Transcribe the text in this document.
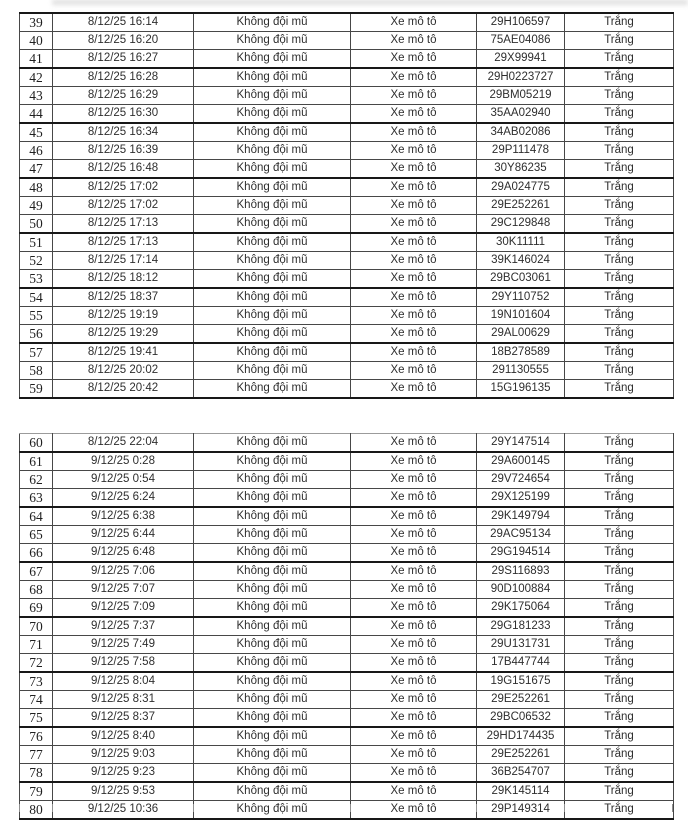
39	8/12/25 16:14	Không đội mũ	Xe mô tô	29H106597	Trắng
40	8/12/25 16:20	Không đội mũ	Xe mô tô	75AE04086	Trắng
41	8/12/25 16:27	Không đội mũ	Xe mô tô	29X99941	Trắng
42	8/12/25 16:28	Không đội mũ	Xe mô tô	29H0223727	Trắng
43	8/12/25 16:29	Không đội mũ	Xe mô tô	29BM05219	Trắng
44	8/12/25 16:30	Không đội mũ	Xe mô tô	35AA02940	Trắng
45	8/12/25 16:34	Không đội mũ	Xe mô tô	34AB02086	Trắng
46	8/12/25 16:39	Không đội mũ	Xe mô tô	29P111478	Trắng
47	8/12/25 16:48	Không đội mũ	Xe mô tô	30Y86235	Trắng
48	8/12/25 17:02	Không đội mũ	Xe mô tô	29A024775	Trắng
49	8/12/25 17:02	Không đội mũ	Xe mô tô	29E252261	Trắng
50	8/12/25 17:13	Không đội mũ	Xe mô tô	29C129848	Trắng
51	8/12/25 17:13	Không đội mũ	Xe mô tô	30K11111	Trắng
52	8/12/25 17:14	Không đội mũ	Xe mô tô	39K146024	Trắng
53	8/12/25 18:12	Không đội mũ	Xe mô tô	29BC03061	Trắng
54	8/12/25 18:37	Không đội mũ	Xe mô tô	29Y110752	Trắng
55	8/12/25 19:19	Không đội mũ	Xe mô tô	19N101604	Trắng
56	8/12/25 19:29	Không đội mũ	Xe mô tô	29AL00629	Trắng
57	8/12/25 19:41	Không đội mũ	Xe mô tô	18B278589	Trắng
58	8/12/25 20:02	Không đội mũ	Xe mô tô	291130555	Trắng
59	8/12/25 20:42	Không đội mũ	Xe mô tô	15G196135	Trắng
60	8/12/25 22:04	Không đội mũ	Xe mô tô	29Y147514	Trắng
61	9/12/25 0:28	Không đội mũ	Xe mô tô	29A600145	Trắng
62	9/12/25 0:54	Không đội mũ	Xe mô tô	29V724654	Trắng
63	9/12/25 6:24	Không đội mũ	Xe mô tô	29X125199	Trắng
64	9/12/25 6:38	Không đội mũ	Xe mô tô	29K149794	Trắng
65	9/12/25 6:44	Không đội mũ	Xe mô tô	29AC95134	Trắng
66	9/12/25 6:48	Không đội mũ	Xe mô tô	29G194514	Trắng
67	9/12/25 7:06	Không đội mũ	Xe mô tô	29S116893	Trắng
68	9/12/25 7:07	Không đội mũ	Xe mô tô	90D100884	Trắng
69	9/12/25 7:09	Không đội mũ	Xe mô tô	29K175064	Trắng
70	9/12/25 7:37	Không đội mũ	Xe mô tô	29G181233	Trắng
71	9/12/25 7:49	Không đội mũ	Xe mô tô	29U131731	Trắng
72	9/12/25 7:58	Không đội mũ	Xe mô tô	17B447744	Trắng
73	9/12/25 8:04	Không đội mũ	Xe mô tô	19G151675	Trắng
74	9/12/25 8:31	Không đội mũ	Xe mô tô	29E252261	Trắng
75	9/12/25 8:37	Không đội mũ	Xe mô tô	29BC06532	Trắng
76	9/12/25 8:40	Không đội mũ	Xe mô tô	29HD174435	Trắng
77	9/12/25 9:03	Không đội mũ	Xe mô tô	29E252261	Trắng
78	9/12/25 9:23	Không đội mũ	Xe mô tô	36B254707	Trắng
79	9/12/25 9:53	Không đội mũ	Xe mô tô	29K145114	Trắng
80	9/12/25 10:36	Không đội mũ	Xe mô tô	29P149314	Trắng
